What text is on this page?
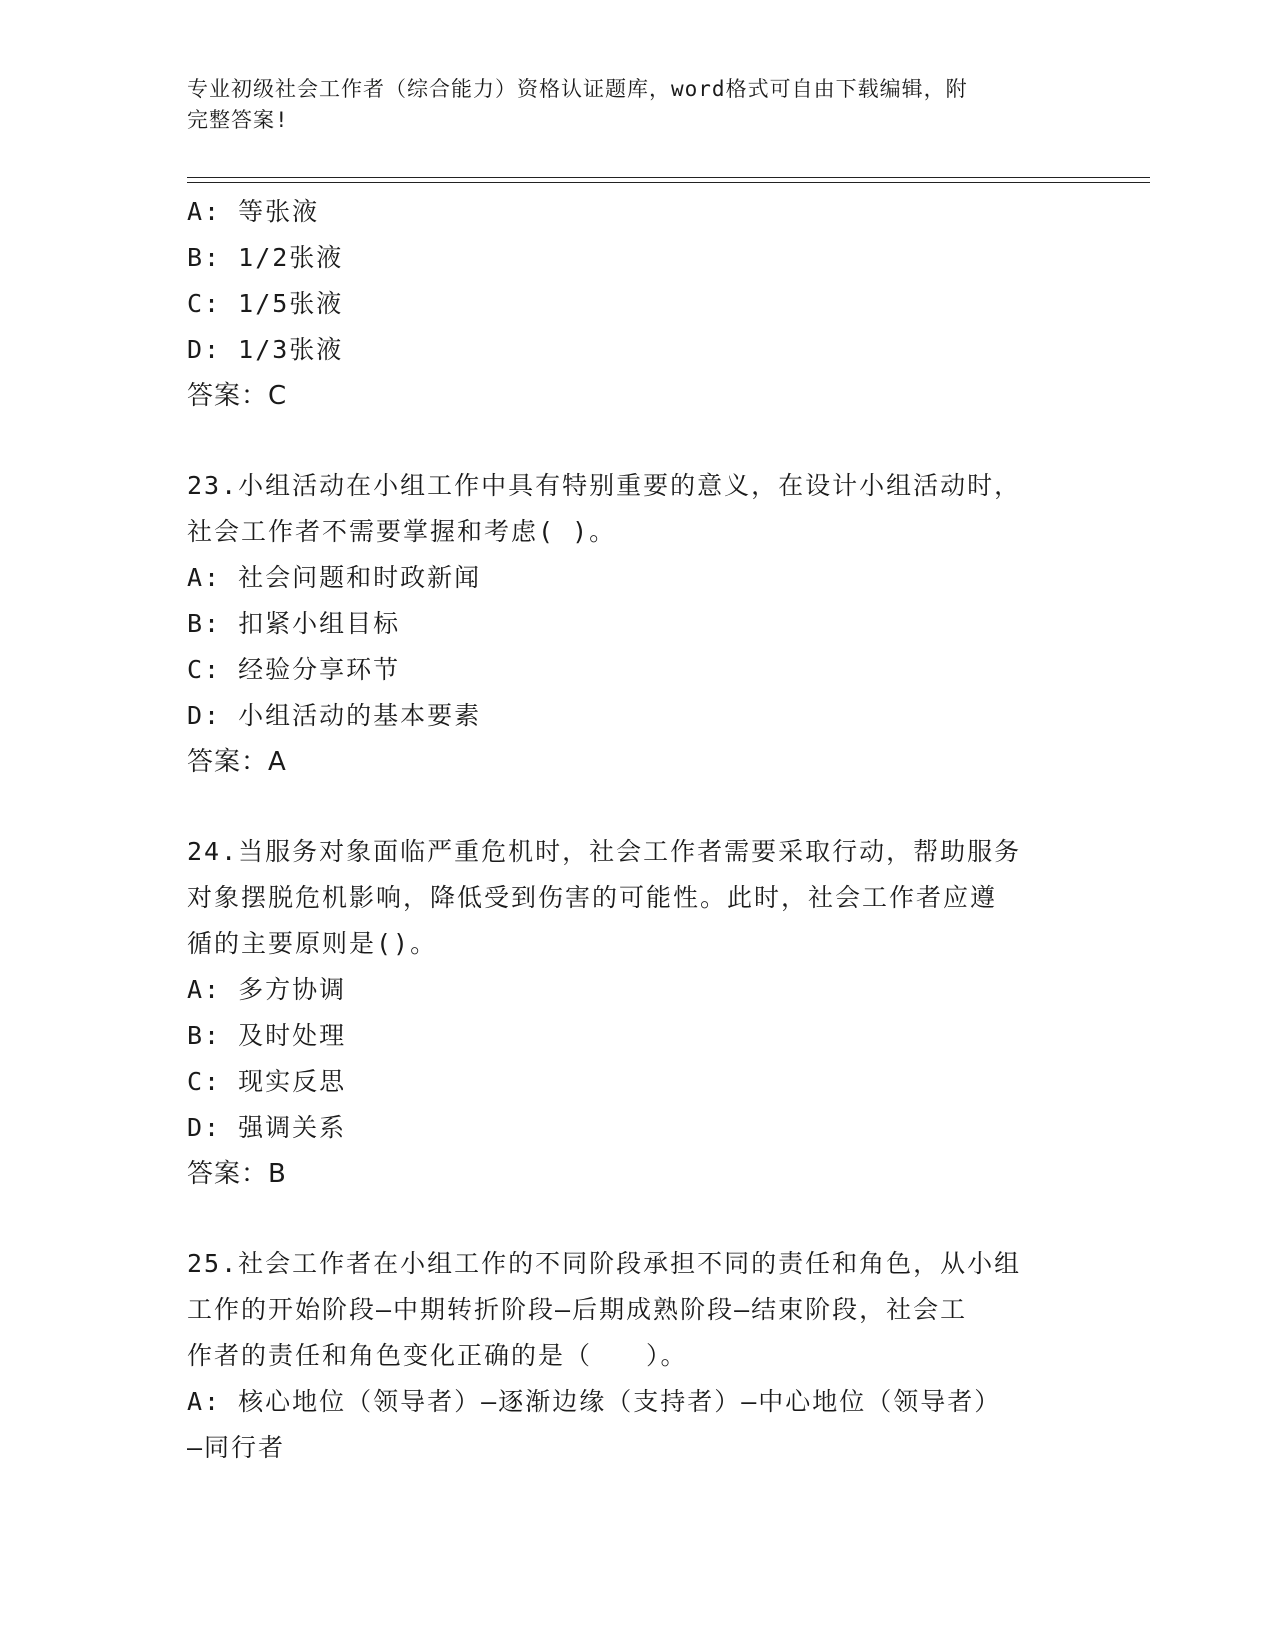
专业初级社会工作者（综合能力）资格认证题库，word格式可自由下载编辑，附
完整答案!
A: 等张液
B: 1/2张液
C: 1/5张液
D: 1/3张液
答案：C
23.小组活动在小组工作中具有特别重要的意义，在设计小组活动时，
社会工作者不需要掌握和考虑( )。
A: 社会问题和时政新闻
B: 扣紧小组目标
C: 经验分享环节
D: 小组活动的基本要素
答案：A
24.当服务对象面临严重危机时，社会工作者需要采取行动，帮助服务
对象摆脱危机影响，降低受到伤害的可能性。此时，社会工作者应遵
循的主要原则是()。
A: 多方协调
B: 及时处理
C: 现实反思
D: 强调关系
答案：B
25.社会工作者在小组工作的不同阶段承担不同的责任和角色，从小组
工作的开始阶段—中期转折阶段—后期成熟阶段—结束阶段，社会工
作者的责任和角色变化正确的是（　　）。
A: 核心地位（领导者）—逐渐边缘（支持者）—中心地位（领导者）
—同行者
